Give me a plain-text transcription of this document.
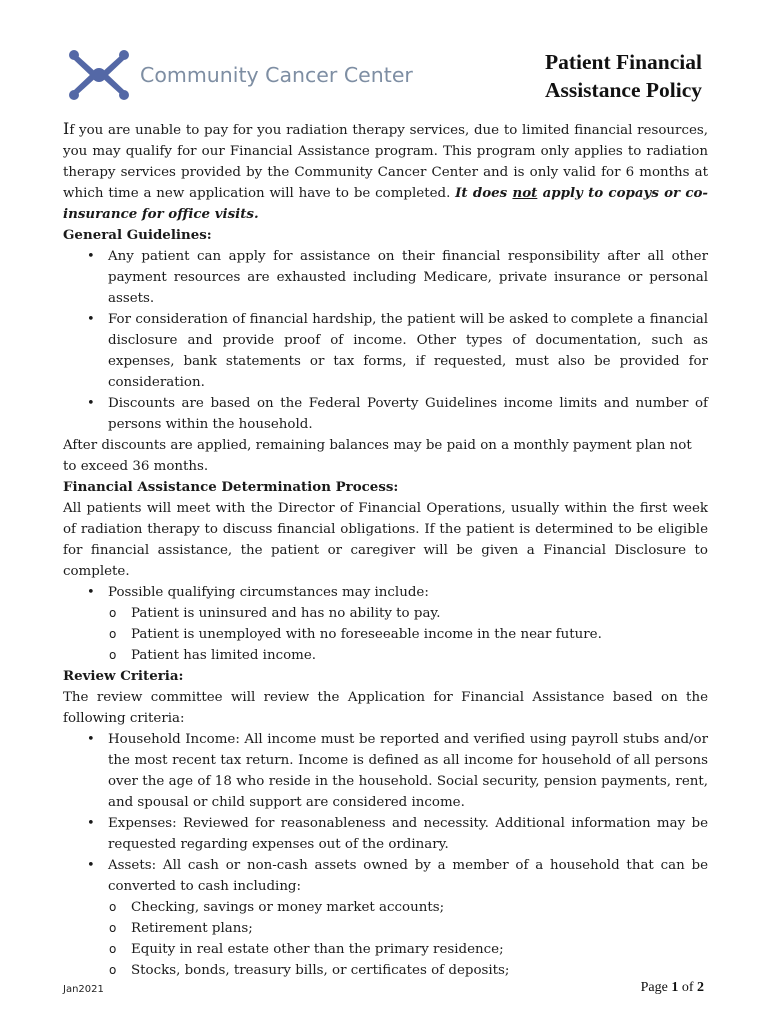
Community Cancer Center
Patient Financial
Assistance Policy

If you are unable to pay for you radiation therapy services, due to limited financial resources, you may qualify for our Financial Assistance program. This program only applies to radiation therapy services provided by the Community Cancer Center and is only valid for 6 months at which time a new application will have to be completed. It does not apply to copays or co-insurance for office visits.

General Guidelines:

• Any patient can apply for assistance on their financial responsibility after all other payment resources are exhausted including Medicare, private insurance or personal assets.
• For consideration of financial hardship, the patient will be asked to complete a financial disclosure and provide proof of income. Other types of documentation, such as expenses, bank statements or tax forms, if requested, must also be provided for consideration.
• Discounts are based on the Federal Poverty Guidelines income limits and number of persons within the household.

After discounts are applied, remaining balances may be paid on a monthly payment plan not to exceed 36 months.

Financial Assistance Determination Process:

All patients will meet with the Director of Financial Operations, usually within the first week of radiation therapy to discuss financial obligations. If the patient is determined to be eligible for financial assistance, the patient or caregiver will be given a Financial Disclosure to complete.

• Possible qualifying circumstances may include:
o Patient is uninsured and has no ability to pay.
o Patient is unemployed with no foreseeable income in the near future.
o Patient has limited income.

Review Criteria:

The review committee will review the Application for Financial Assistance based on the following criteria:

• Household Income: All income must be reported and verified using payroll stubs and/or the most recent tax return. Income is defined as all income for household of all persons over the age of 18 who reside in the household. Social security, pension payments, rent, and spousal or child support are considered income.
• Expenses: Reviewed for reasonableness and necessity. Additional information may be requested regarding expenses out of the ordinary.
• Assets: All cash or non-cash assets owned by a member of a household that can be converted to cash including:
o Checking, savings or money market accounts;
o Retirement plans;
o Equity in real estate other than the primary residence;
o Stocks, bonds, treasury bills, or certificates of deposits;
Jan2021	Page 1 of 2
